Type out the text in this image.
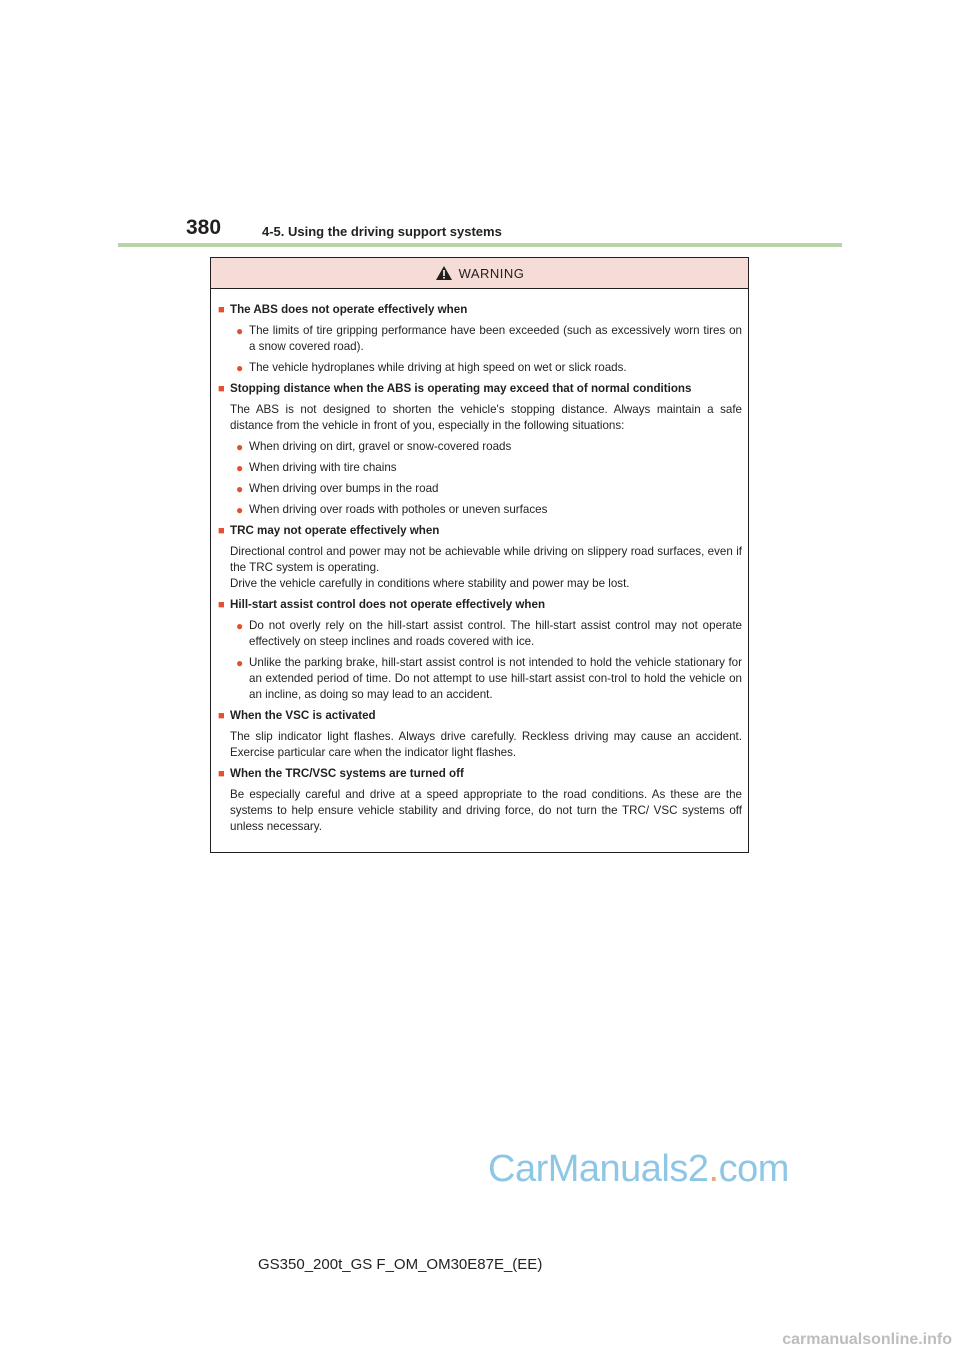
380	4-5. Using the driving support systems
WARNING
■ The ABS does not operate effectively when
● The limits of tire gripping performance have been exceeded (such as excessively worn tires on a snow covered road).
● The vehicle hydroplanes while driving at high speed on wet or slick roads.
■ Stopping distance when the ABS is operating may exceed that of normal conditions
The ABS is not designed to shorten the vehicle's stopping distance. Always maintain a safe distance from the vehicle in front of you, especially in the following situations:
● When driving on dirt, gravel or snow-covered roads
● When driving with tire chains
● When driving over bumps in the road
● When driving over roads with potholes or uneven surfaces
■ TRC may not operate effectively when
Directional control and power may not be achievable while driving on slippery road surfaces, even if the TRC system is operating.
Drive the vehicle carefully in conditions where stability and power may be lost.
■ Hill-start assist control does not operate effectively when
● Do not overly rely on the hill-start assist control. The hill-start assist control may not operate effectively on steep inclines and roads covered with ice.
● Unlike the parking brake, hill-start assist control is not intended to hold the vehicle stationary for an extended period of time. Do not attempt to use hill-start assist con-trol to hold the vehicle on an incline, as doing so may lead to an accident.
■ When the VSC is activated
The slip indicator light flashes. Always drive carefully. Reckless driving may cause an accident. Exercise particular care when the indicator light flashes.
■ When the TRC/VSC systems are turned off
Be especially careful and drive at a speed appropriate to the road conditions. As these are the systems to help ensure vehicle stability and driving force, do not turn the TRC/ VSC systems off unless necessary.
CarManuals2.com
GS350_200t_GS F_OM_OM30E87E_(EE)
carmanualsonline.info
